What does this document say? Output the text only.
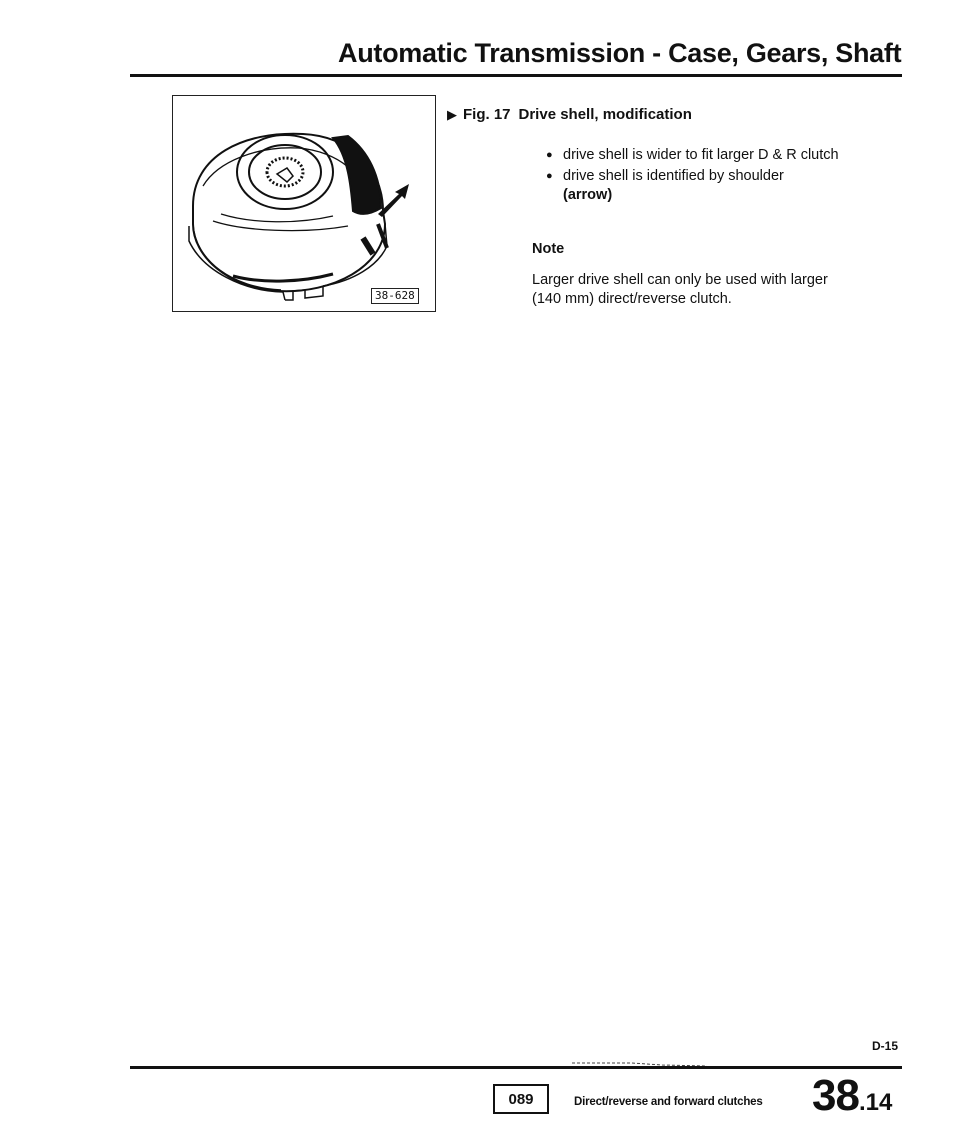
Automatic Transmission - Case, Gears, Shaft
38-628
▶ Fig. 17 Drive shell, modification
● drive shell is wider to fit larger D & R clutch
● drive shell is identified by shoulder
(arrow)
Note

Larger drive shell can only be used with larger (140 mm) direct/reverse clutch.

D-15
089	Direct/reverse and forward clutches 38.14
